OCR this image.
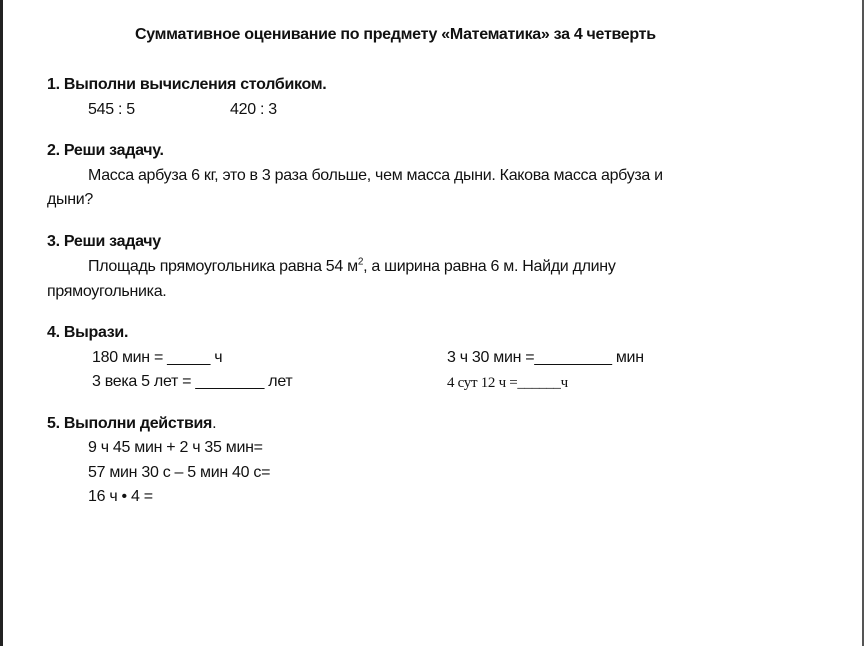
Суммативное оценивание по предмету «Математика» за 4 четверть
1. Выполни вычисления столбиком.
545 : 5	420 : 3
2. Реши задачу.
Масса арбуза 6 кг, это в 3 раза больше, чем масса дыни. Какова масса арбуза и
дыни?
3. Реши задачу
Площадь прямоугольника равна 54 $м^2$, а ширина равна 6 м. Найди длину
прямоугольника.
4. Вырази.
180 мин = _____ ч	3 ч 30 мин =_________ мин
3 века 5 лет = ________ лет	4 сут 12 ч =______ч
5. Выполни действия.
9 ч 45 мин + 2 ч 35 мин=
57 мин 30 с – 5 мин 40 с=
16 ч • 4 =
